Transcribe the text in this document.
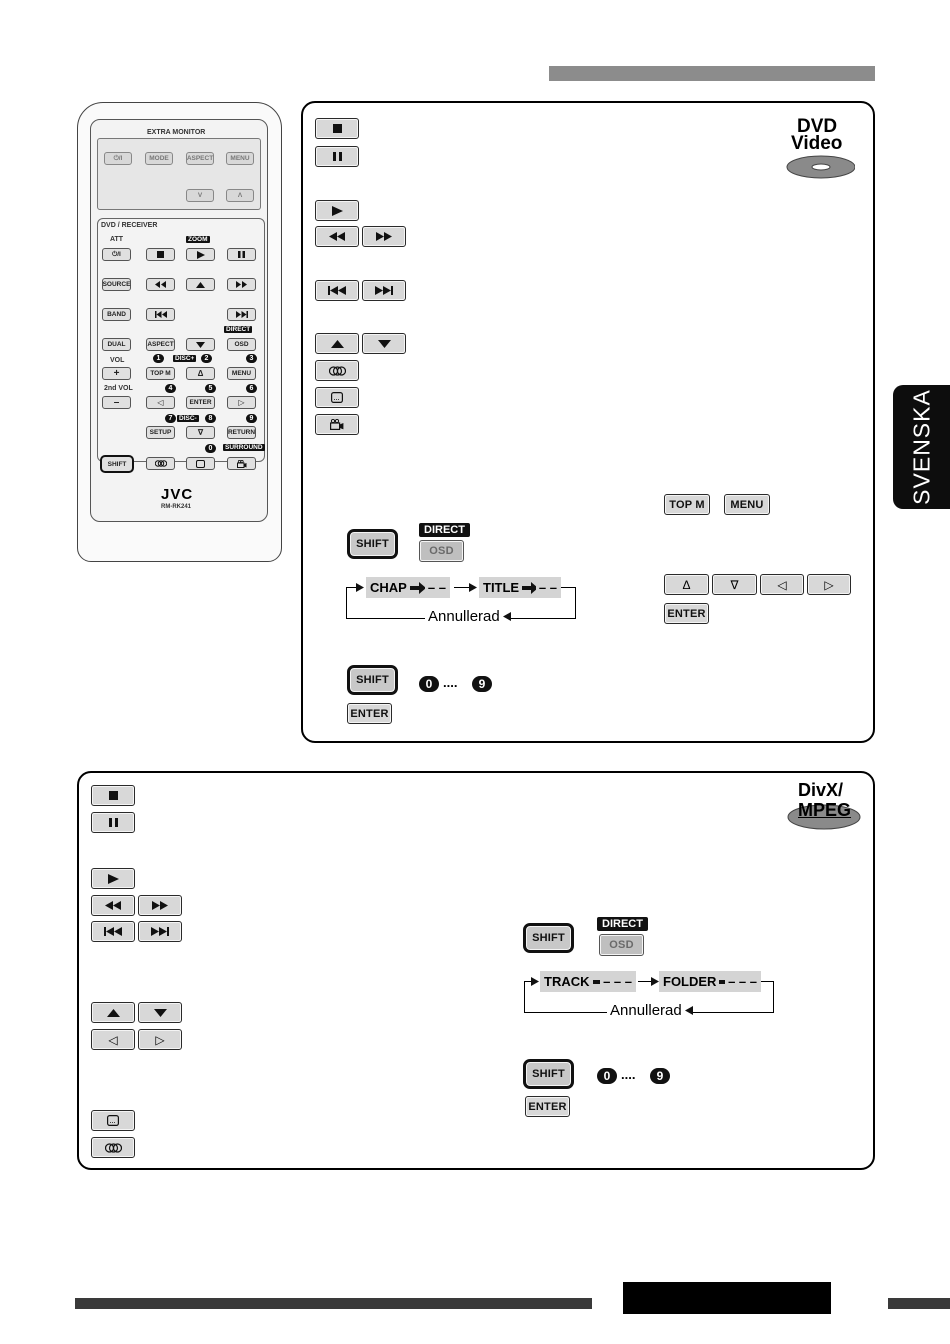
SVENSKA
EXTRA MONITOR
⏻/I	MODE	ASPECT	MENU
V	Λ
DVD / RECEIVER
ATT
⏻/I
ZOOM
SOURCE
BAND
DUAL	ASPECT
DIRECT
OSD
VOL
+
2nd VOL
–
1	DISC+	2	3
TOP M	Δ	MENU
4	5	6
◁	ENTER	▷
7	DISC-	8	9
SETUP	∇	RETURN
0	SURROUND
SHIFT
JVC
RM-RK241
DVD
Video
SHIFT
DIRECT
OSD
CHAP – –	TITLE – –
Annullerad
TOP M MENU
Δ	∇	◁	▷
ENTER
SHIFT	0 ....	9
ENTER
DivX/
MPEG
◁	▷
SHIFT
DIRECT
OSD
TRACK – – – FOLDER – – –
Annullerad
SHIFT	0 ....	9
ENTER
